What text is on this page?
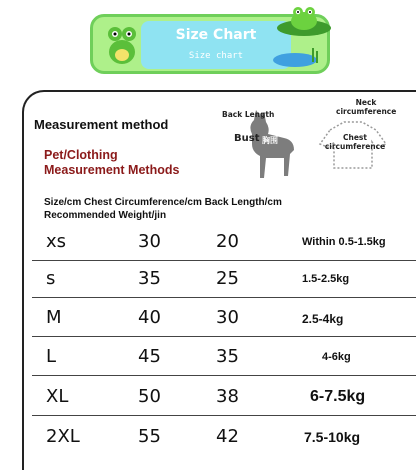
Size Chart
Size chart
Measurement method
Pet/Clothing
Measurement Methods
Back Length
Bust 胸围
Neck
circumference
Chest
circumference
Size/cm Chest Circumference/cm Back Length/cm
Recommended Weight/jin
xs	30	20	Within 0.5-1.5kg
s	35	25	1.5-2.5kg
M	40	30	2.5-4kg
L	45	35	4-6kg
XL	50	38	6-7.5kg
2XL	55	42	7.5-10kg
